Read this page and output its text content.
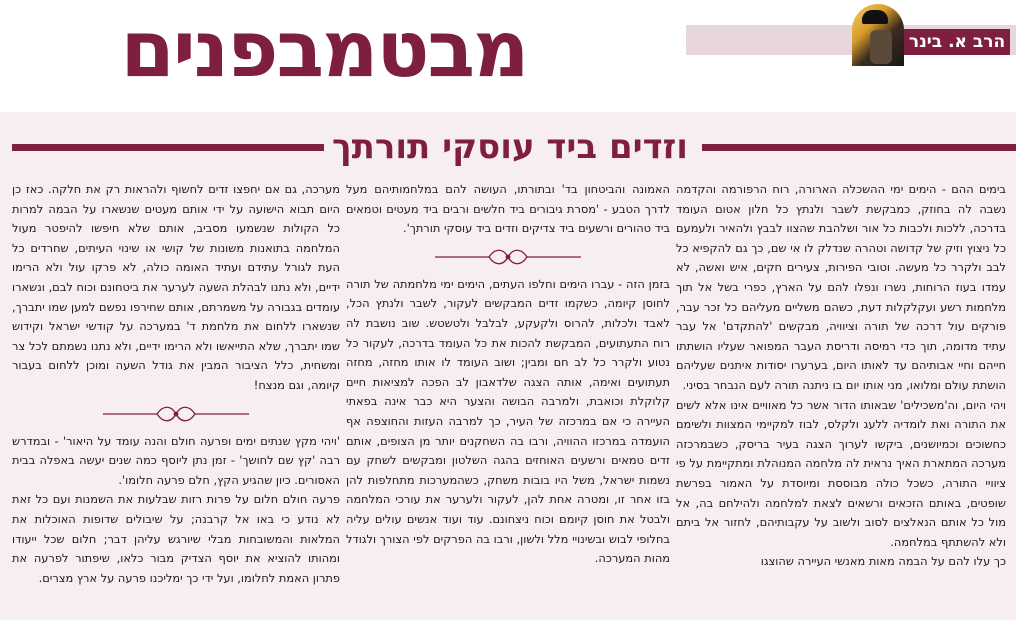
מבטמבפנים	הרב א. בינר
וזדים ביד עוסקי תורתך

בימים ההם - הימים ימי ההשכלה הארורה, רוח הרפורמה והקדמה נשבה לה בחוזק, כמבקשת לשבר ולנתץ כל חלון אטום העומד בדרכה, ללכות ולכבות כל אור ושלהבת שהצוו לבבץ ולהאיר ולעמעם כל ניצוץ וזיק של קדושה וטהרה שנדלק לו אי שם, כך גם להקפיא כל לבב ולקרר כל מעשה. וטובי הפירות, צעירים חקים, איש ואשה, לא עמדו בעוז הרוחות, נשרו ונפלו להם על הארץ, כפרי בשל אל תוך מלחמות רשע ועקלקלות דעת, כשהם משליים מעליהם כל זכר עבר, פורקים עול דרכה של תורה וציוויה, מבקשים 'להתקדם' אל עבר עתיד מדומה, תוך כדי רמיסה ודריסת העבר המפואר שעליו הושתתו חייהם וחיי אבותיהם עד לאותו היום, בערערו יסודות איתנים שעליהם הושתת עולם ומלואו, מני אותו יום בו ניתנה תורה לעם הנבחר בסיני.

ויהי היום, וה'משכילים' שבאותו הדור אשר כל מאוויים אינו אלא לשים את התורה ואת לומדיה ללעג ולקלס, לבוז למקיימי המצוות ולשימם כחשוכים וכמיושנים, ביקשו לערוך הצגה בעיר בריסק, כשבמרכזה מערכה המתארת האיך נראית לה מלחמה המנוהלת ומתקיימת על פי ציוויי התורה, כשכל כולה מבוססת ומיוסדת על האמור בפרשת שופטים, באותם הזכאים ורשאים לצאת למלחמה ולהילחם בה, אל מול כל אותם הנאלצים לסוב ולשוב על עקבותיהם, לחזור אל ביתם ולא להשתתף במלחמה.

כך עלו להם על הבמה מאות מאנשי העיירה שהוצגו

האמונה והביטחון בד' ובתורתו, העושה להם במלחמותיהם מעל לדרך הטבע - 'מסרת גיבורים ביד חלשים ורבים ביד מעטים וטמאים ביד טהורים ורשעים ביד צדיקים וזדים ביד עוסקי תורתך'.

בזמן הזה - עברו הימים וחלפו העתים, הימים ימי מלחמתה של תורה לחוסן קיומה, כשקמו זדים המבקשים לעקור, לשבר ולנתץ הכל, לאבד ולכלות, להרוס ולקעקע, לבלבל ולטשטש. שוב נושבת לה רוח התעתועים, המבקשת להכות את כל העומד בדרכה, לעקור כל נטוע ולקרר כל לב חם ומבין; ושוב העומד לו אותו מחזה, מחזה תעתועים ואימה, אותה הצגה שלדאבון לב הפכה למציאות חיים קלוקלת וכואבת, ולמרבה הבושה והצער היא כבר אינה בפאתי העיירה כי אם במרכזה של העיר, כך למרבה העזות והחוצפה אף הועמדה במרכזו ההוויה, ורבו בה השחקנים יותר מן הצופים, אותם זדים טמאים ורשעים האוחזים בהגה השלטון ומבקשים לשחק עם נשמות ישראל, משל היו בובות משחק, כשהמערכות מתחלפות להן בזו אחר זו, ומטרה אחת להן, לעקור ולערער את עורכי המלחמה ולבטל את חוסן קיומם וכוח ניצחונם. עוד ועוד אנשים עולים עליה בחלופי לבוש ובשינויי מלל ולשון, ורבו בה הפרקים לפי הצורך ולגודל מהות המערכה.

מערכה, גם אם יחפצו זדים לחשוף ולהראות רק את חלקה. כאז כן היום תבוא הישועה על ידי אותם מעטים שנשארו על הבמה למרות כל הקולות שנשמעו מסביב, אותם שלא חיפשו להיפטר מעול המלחמה בתואנות משונות של קושי או שינוי העיתים, שחרדים כל העת לגורל עתידם ועתיד האומה כולה, לא פרקו עול ולא הרימו ידיים, ולא נתנו לבהלת השעה לערער את ביטחונם וכוח לבם, ונשארו עומדים בגבורה על משמרתם, אותם שחירפו נפשם למען שמו יתברך, שנשארו ללחום את מלחמת ד' במערכה על קודשי ישראל וקידוש שמו יתברך, שלא התייאשו ולא הרימו ידיים, ולא נתנו נשמתם לכל צר ומשחית, כלל הציבור המבין את גודל השעה ומוכן ללחום בעבור קיומה, וגם מנצח!

'ויהי מקץ שנתים ימים ופרעה חולם והנה עומד על היאור' - ובמדרש רבה 'קץ שם לחושך' - זמן נתן ליוסף כמה שנים יעשה באפלה בבית האסורים. כיון שהגיע הקץ, חלם פרעה חלומו'.

פרעה חולם חלום על פרות רזות שבלעות את השמנות ועם כל זאת לא נודע כי באו אל קרבנה; על שיבולים שדופות האוכלות את המלאות והמשובחות מבלי שיורגש עליהן דבר; חלום שכל ייעודו ומהותו להוציא את יוסף הצדיק מבור כלאו, שיפתור לפרעה את פתרון האמת לחלומו, ועל ידי כך ימליכנו פרעה על ארץ מצרים.
